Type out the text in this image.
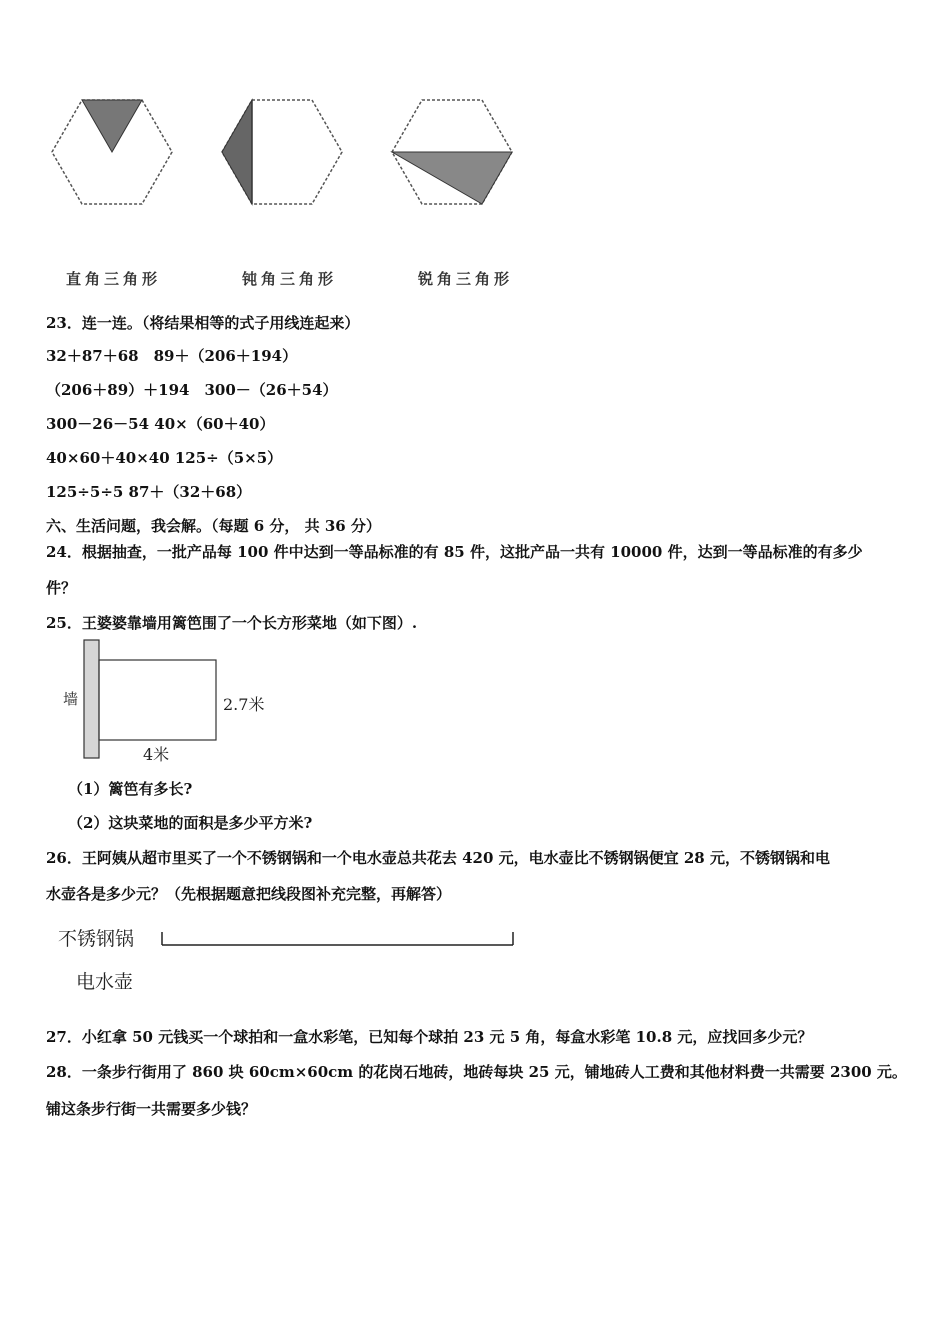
直角三角形	钝角三角形	锐角三角形
23．连一连。（将结果相等的式子用线连起来）
32＋87＋68　89＋（206＋194）
（206＋89）＋194　300－（26＋54）
300－26－54 40×（60＋40）
40×60＋40×40 125÷（5×5）
125÷5÷5 87＋（32＋68）
六、生活问题，我会解。（每题 6 分， 共 36 分）
24．根据抽查，一批产品每 100 件中达到一等品标准的有 85 件，这批产品一共有 10000 件，达到一等品标准的有多少
件？
25．王婆婆靠墙用篱笆围了一个长方形菜地（如下图）.
墙	2.7米
4米
（1）篱笆有多长?
（2）这块菜地的面积是多少平方米?
26．王阿姨从超市里买了一个不锈钢锅和一个电水壶总共花去 420 元，电水壶比不锈钢锅便宜 28 元，不锈钢锅和电
水壶各是多少元？（先根据题意把线段图补充完整，再解答）
不锈钢锅
电水壶
27．小红拿 50 元钱买一个球拍和一盒水彩笔，已知每个球拍 23 元 5 角，每盒水彩笔 10.8 元，应找回多少元？
28．一条步行街用了 860 块 60cm×60cm 的花岗石地砖，地砖每块 25 元，铺地砖人工费和其他材料费一共需要 2300 元。
铺这条步行街一共需要多少钱？
